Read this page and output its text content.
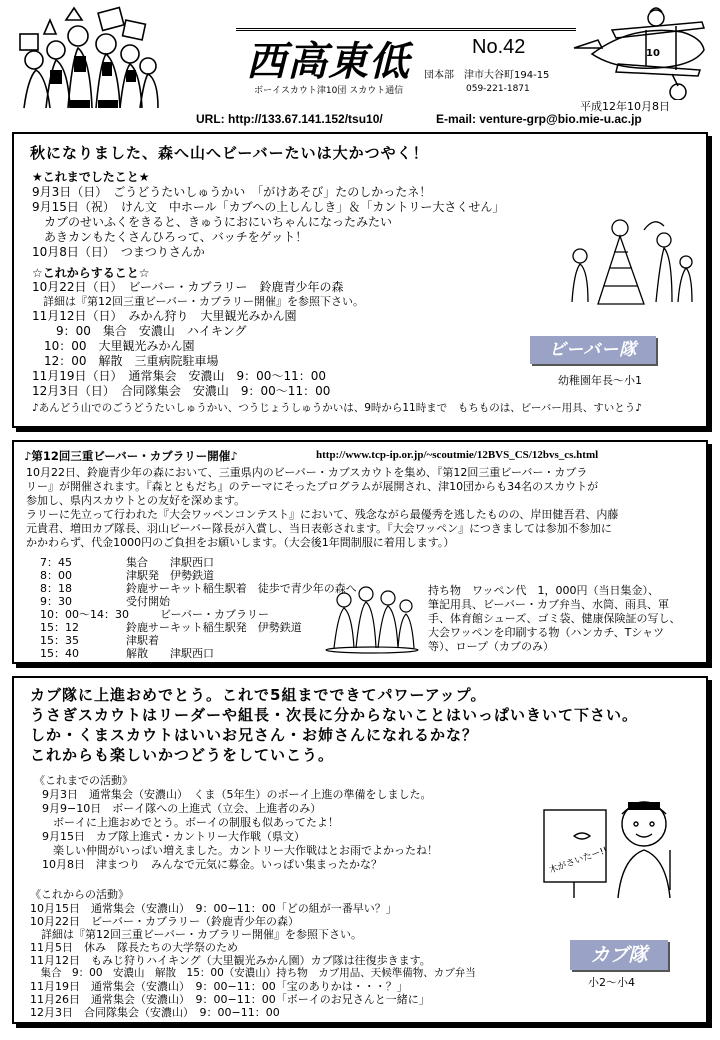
西高東低	No.42
ボーイスカウト津10団 スカウト通信
団本部 津市大谷町194-15
059-221-1871
10
平成12年10月8日
URL: http://133.67.141.152/tsu10/	E-mail: venture-grp@bio.mie-u.ac.jp
秋になりました、森へ山へビーバーたいは大かつやく！
★これまでしたこと★
9月3日（日）　ごうどうたいしゅうかい　「がけあそび」たのしかったネ！
9月15日（祝）　けん文　中ホール「カブへの上しんしき」＆「カントリー大さくせん」
　カブのせいふくをきると、きゅうにおにいちゃんになったみたい
　あきカンもたくさんひろって、バッチをゲット！
10月8日（日）　つまつりさんか
☆これからすること☆
10月22日（日）　ビーバー・カブラリー　鈴鹿青少年の森
　詳細は『第12回三重ビーバー・カブラリー開催』を参照下さい。
11月12日（日）　みかん狩り　大里観光みかん園
　　9：00　集合　安濃山　ハイキング
　10：00　大里観光みかん園
　12：00　解散　三重病院駐車場
11月19日（日）　通常集会　安濃山　9：00〜11：00
12月3日（日）　合同隊集会　安濃山　9：00〜11：00
ビーバー隊
幼稚園年長〜小1
♪あんどう山でのごうどうたいしゅうかい、つうじょうしゅうかいは、9時から11時まで　もちものは、ビーバー用具、すいとう♪
♪第12回三重ビーバー・カブラリー開催♪	http://www.tcp-ip.or.jp/~scoutmie/12BVS_CS/12bvs_cs.html
10月22日、鈴鹿青少年の森において、三重県内のビーバー・カブスカウトを集め、『第12回三重ビーバー・カブラ
リー』が開催されます。『森とともだち』のテーマにそったプログラムが展開され、津10団からも34名のスカウトが
参加し、県内スカウトとの友好を深めます。
ラリーに先立って行われた『大会ワッペンコンテスト』において、残念ながら最優秀を逃したものの、岸田健吾君、内藤
元貴君、増田カブ隊長、羽山ビーバー隊長が入賞し、当日表彰されます。『大会ワッペン』につきましては参加不参加に
かかわらず、代金1000円のご負担をお願いします。（大会後1年間制服に着用します。）
7：45	集合　　津駅西口
8：00	津駅発　伊勢鉄道
8：18	鈴鹿サーキット稲生駅着　徒歩で青少年の森へ
9：30	受付開始
10：00〜14：30	ビーバー・カブラリー
15：12	鈴鹿サーキット稲生駅発　伊勢鉄道
15：35	津駅着
15：40	解散　　津駅西口
持ち物　ワッペン代　1，000円（当日集金）、
筆記用具、ビーバー・カブ弁当、水筒、雨具、軍
手、体育館シューズ、ゴミ袋、健康保険証の写し、
大会ワッペンを印刷する物（ハンカチ、Tシャツ
等）、ロープ（カブのみ）
カブ隊に上進おめでとう。これで5組までできてパワーアップ。
うさぎスカウトはリーダーや組長・次長に分からないことはいっぱいきいて下さい。
しか・くまスカウトはいいお兄さん・お姉さんになれるかな？
これからも楽しいかつどうをしていこう。
《これまでの活動》
9月3日　通常集会（安濃山）　くま（5年生）のボーイ上進の準備をしました。
9月9−10日　ボーイ隊への上進式（立会、上進者のみ）
　ボーイに上進おめでとう。ボーイの制服も似あってたよ！
9月15日　カブ隊上進式・カントリー大作戦（県文）
　楽しい仲間がいっぱい増えました。カントリー大作戦はとお雨でよかったね！
10月8日　津まつり　みんなで元気に募金。いっぱい集まったかな？
《これからの活動》
10月15日　通常集会（安濃山）　9：00−11：00「どの組が一番早い？」
10月22日　ビーバー・カブラリー（鈴鹿青少年の森）
　詳細は『第12回三重ビーバー・カブラリー開催』を参照下さい。
11月5日　休み　隊長たちの大学祭のため
11月12日　もみじ狩りハイキング（大里観光みかん園）カブ隊は往復歩きます。
　集合　9：00　安濃山　解散　15：00（安濃山）持ち物　カブ用品、天候準備物、カブ弁当
11月19日　通常集会（安濃山）　9：00−11：00「宝のありかは・・・？」
11月26日　通常集会（安濃山）　9：00−11：00「ボーイのお兄さんと一緒に」
12月3日　合同隊集会（安濃山）　9：00−11：00
木がさいたー!!
カブ隊
小2〜小4
